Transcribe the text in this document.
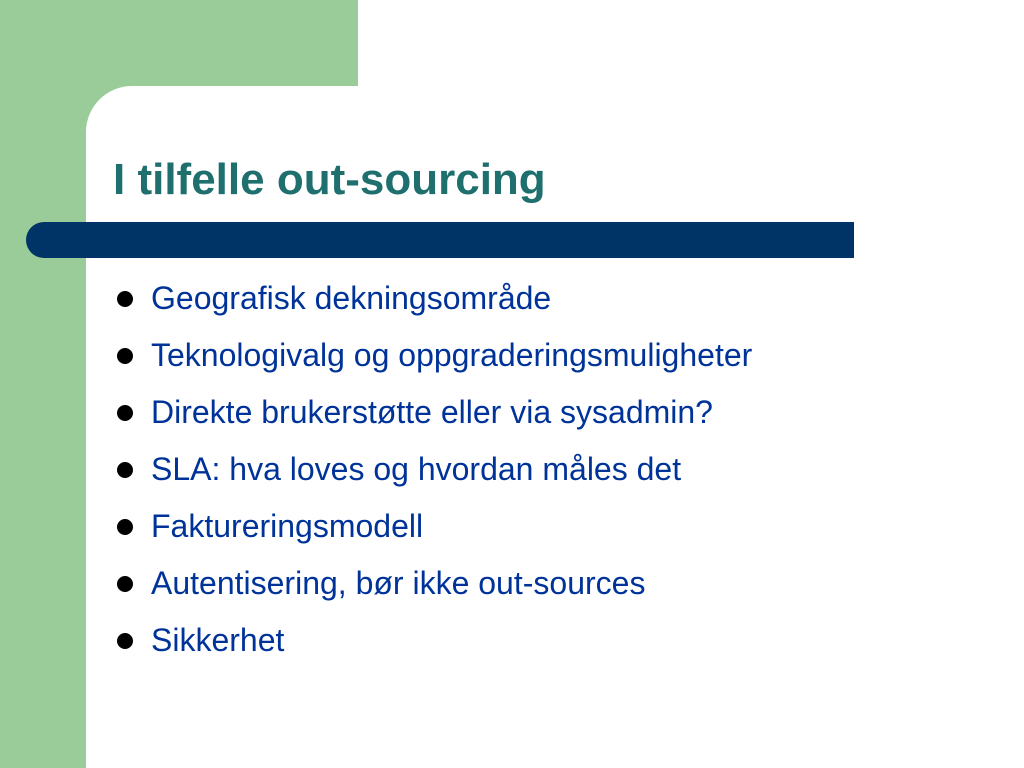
I tilfelle out-sourcing
Geografisk dekningsområde
Teknologivalg og oppgraderingsmuligheter
Direkte brukerstøtte eller via sysadmin?
SLA: hva loves og hvordan måles det
Faktureringsmodell
Autentisering, bør ikke out-sources
Sikkerhet
